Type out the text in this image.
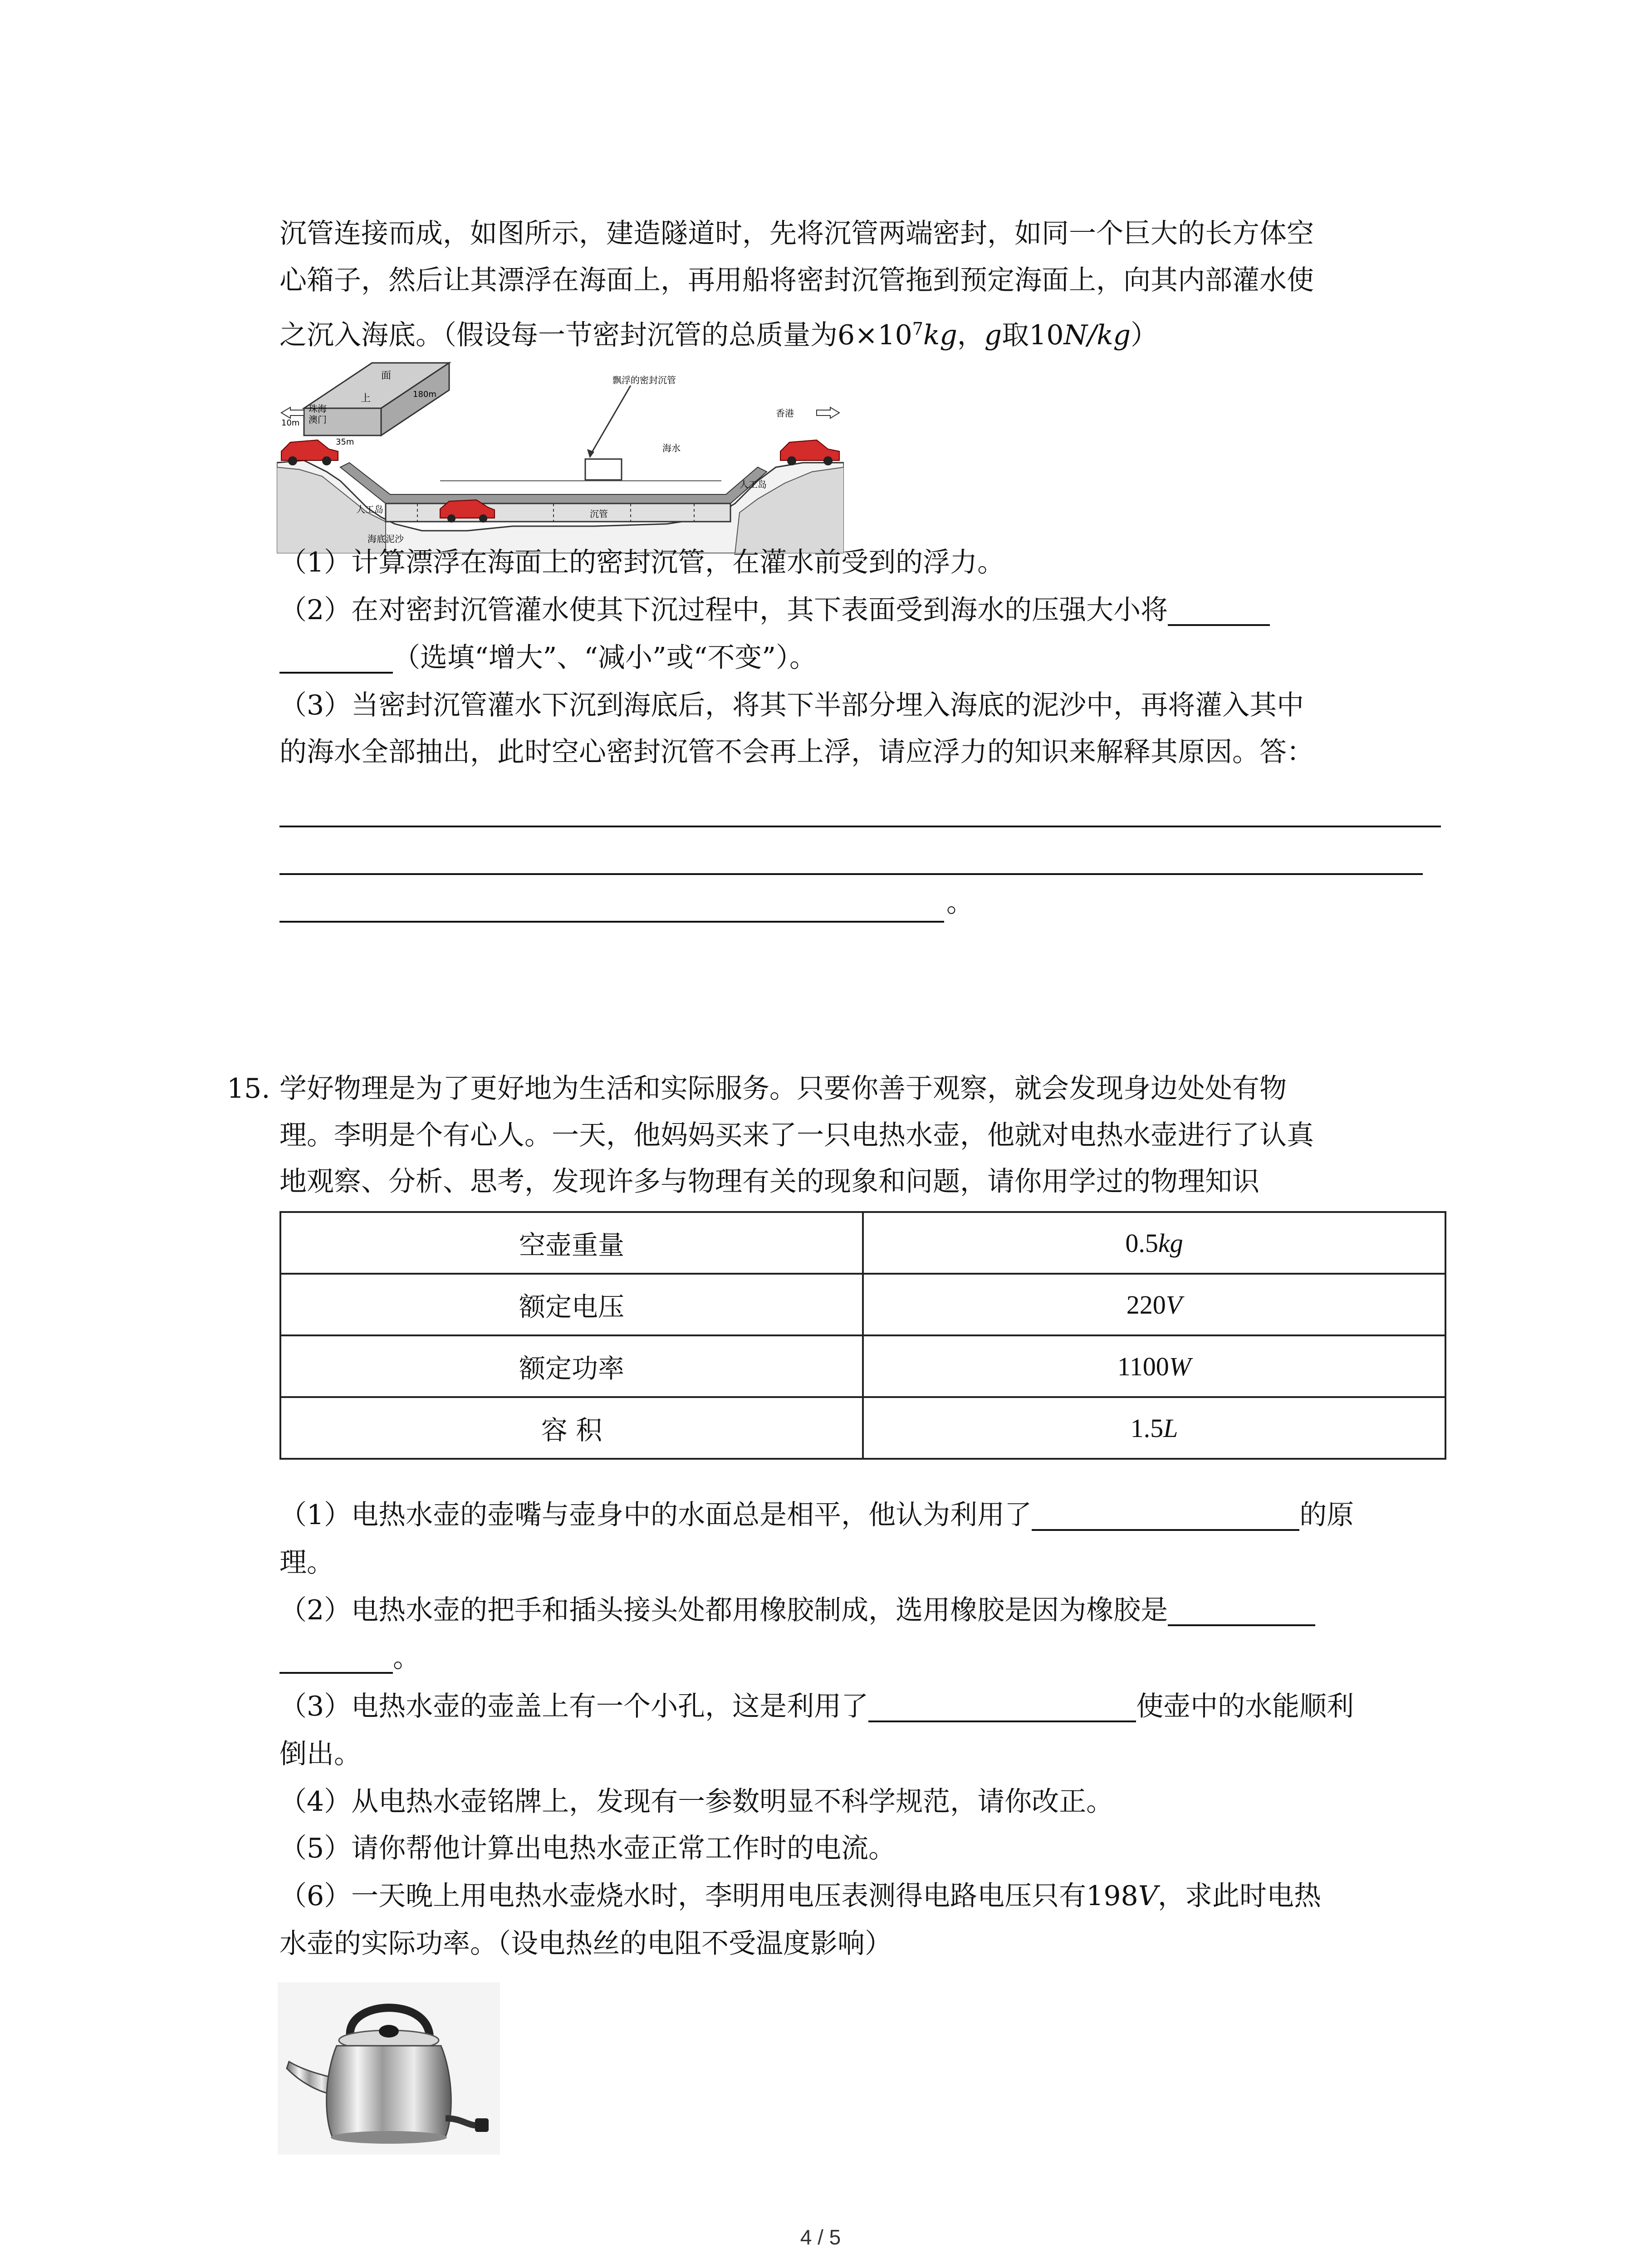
沉管连接而成，如图所示，建造隧道时，先将沉管两端密封，如同一个巨大的长方体空
心箱子，然后让其漂浮在海面上，再用船将密封沉管拖到预定海面上，向其内部灌水使
之沉入海底。（假设每一节密封沉管的总质量为$6\times 10^7kg$，g取10N/kg）
面
上
10m
180m
35m
珠海
澳门
香港
飘浮的密封沉管
海水
沉管
人工岛
人工岛
海底泥沙
（1）计算漂浮在海面上的密封沉管，在灌水前受到的浮力。
（2）在对密封沉管灌水使其下沉过程中，其下表面受到海水的压强大小将
（选填“增大”、“减小”或“不变”）。
（3）当密封沉管灌水下沉到海底后，将其下半部分埋入海底的泥沙中，再将灌入其中
的海水全部抽出，此时空心密封沉管不会再上浮，请应浮力的知识来解释其原因。答：
。
15. 学好物理是为了更好地为生活和实际服务。只要你善于观察，就会发现身边处处有物
理。李明是个有心人。一天，他妈妈买来了一只电热水壶，他就对电热水壶进行了认真
地观察、分析、思考，发现许多与物理有关的现象和问题，请你用学过的物理知识
空壶重量	0.5kg
额定电压	220V
额定功率	1100W
容 积	1.5L
（1）电热水壶的壶嘴与壶身中的水面总是相平，他认为利用了	的原
理。
（2）电热水壶的把手和插头接头处都用橡胶制成，选用橡胶是因为橡胶是
。
（3）电热水壶的壶盖上有一个小孔，这是利用了	使壶中的水能顺利
倒出。
（4）从电热水壶铭牌上，发现有一参数明显不科学规范，请你改正。
（5）请你帮他计算出电热水壶正常工作时的电流。
（6）一天晚上用电热水壶烧水时，李明用电压表测得电路电压只有198V，求此时电热
水壶的实际功率。（设电热丝的电阻不受温度影响）
4 / 5
